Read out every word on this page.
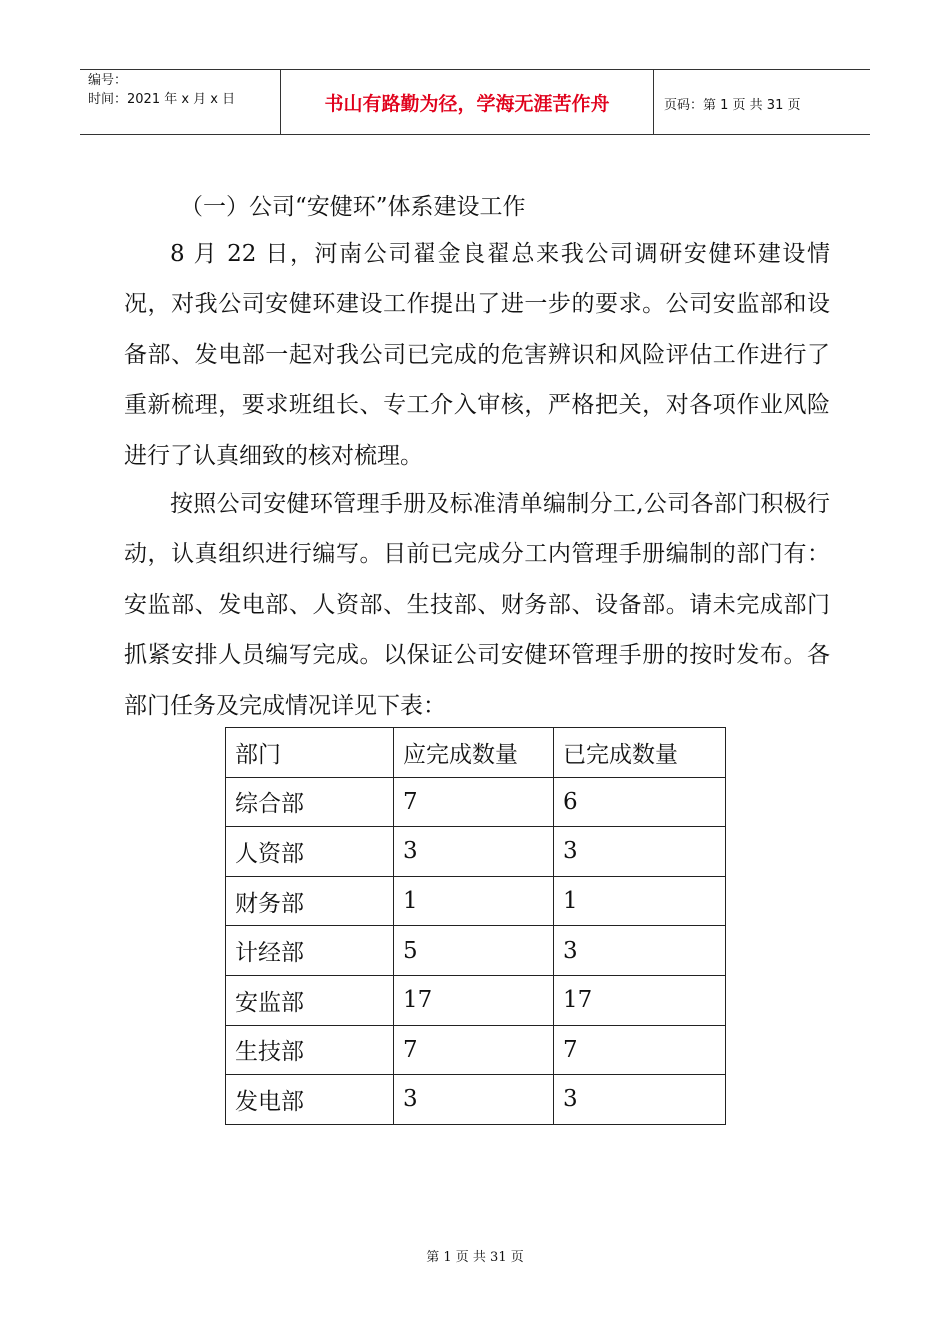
编号：
时间：2021 年 x 月 x 日	书山有路勤为径，学海无涯苦作舟	页码：第 1 页 共 31 页
（一）公司“安健环”体系建设工作

8 月 22 日，河南公司翟金良翟总来我公司调研安健环建设情况，对我公司安健环建设工作提出了进一步的要求。公司安监部和设备部、发电部一起对我公司已完成的危害辨识和风险评估工作进行了重新梳理，要求班组长、专工介入审核，严格把关，对各项作业风险进行了认真细致的核对梳理。

按照公司安健环管理手册及标准清单编制分工,公司各部门积极行动，认真组织进行编写。目前已完成分工内管理手册编制的部门有：安监部、发电部、人资部、生技部、财务部、设备部。请未完成部门抓紧安排人员编写完成。以保证公司安健环管理手册的按时发布。各部门任务及完成情况详见下表：

部门	应完成数量	已完成数量
综合部	7	6
人资部	3	3
财务部	1	1
计经部	5	3
安监部	17	17
生技部	7	7
发电部	3	3
第 1 页 共 31 页
